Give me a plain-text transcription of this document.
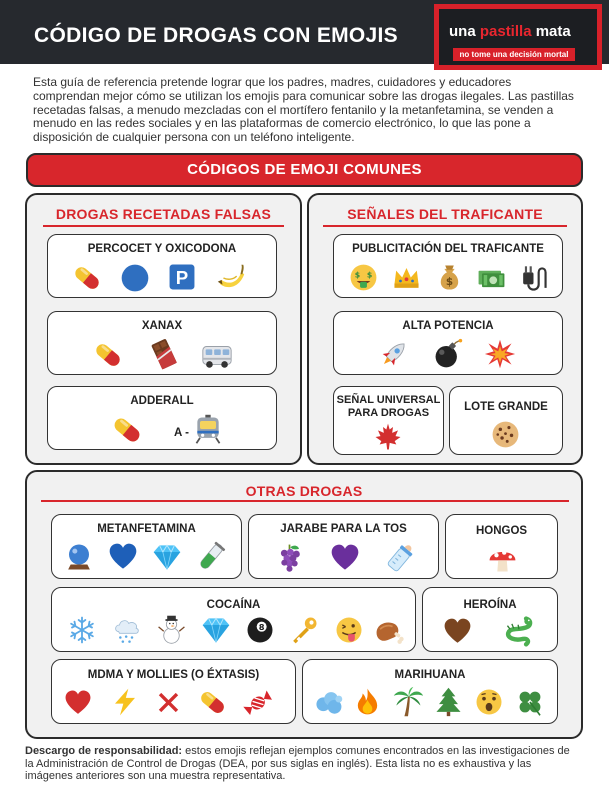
CÓDIGO DE DROGAS CON EMOJIS	una pastilla mata
no tome una decisión mortal

Esta guía de referencia pretende lograr que los padres, madres, cuidadores y educadores comprendan mejor cómo se utilizan los emojis para comunicar sobre las drogas ilegales. Las pastillas recetadas falsas, a menudo mezcladas con el mortífero fentanilo y la metanfetamina, se venden a menudo en las redes sociales y en las plataformas de comercio electrónico, lo que las pone a disposición de cualquier persona con un teléfono inteligente.

CÓDIGOS DE EMOJI COMUNES
DROGAS RECETADAS FALSAS
PERCOCET Y OXICODONA
P
XANAX
ADDERALL
A -
SEÑALES DEL TRAFICANTE
PUBLICITACIÓN DEL TRAFICANTE
ALTA POTENCIA
SEÑAL UNIVERSAL
PARA DROGAS	LOTE GRANDE
OTRAS DROGAS
METANFETAMINA	JARABE PARA LA TOS	HONGOS
COCAÍNA
8
HEROÍNA
MDMA Y MOLLIES (O ÉXTASIS)	MARIHUANA

Descargo de responsabilidad: estos emojis reflejan ejemplos comunes encontrados en las investigaciones de la Administración de Control de Drogas (DEA, por sus siglas en inglés). Esta lista no es exhaustiva y las imágenes anteriores son una muestra representativa.
